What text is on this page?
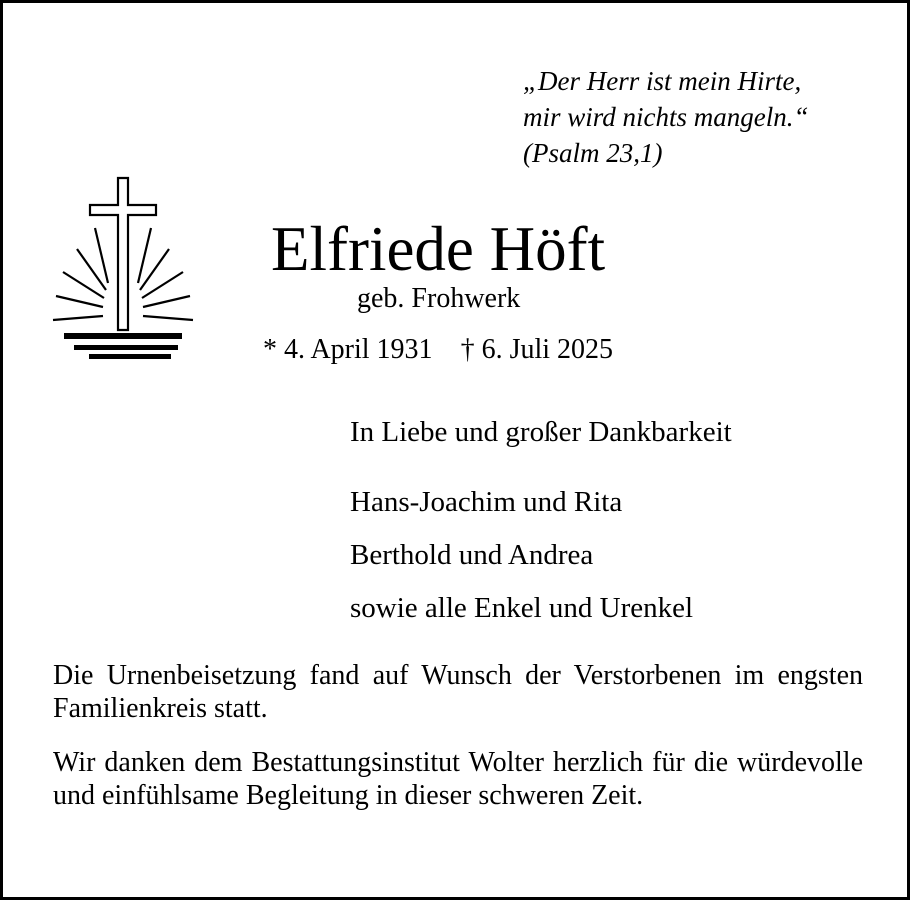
„Der Herr ist mein Hirte,
mir wird nichts mangeln.“
(Psalm 23,1)
Elfriede Höft
geb. Frohwerk
* 4. April 1931 † 6. Juli 2025
In Liebe und großer Dankbarkeit
Hans-Joachim und Rita
Berthold und Andrea
sowie alle Enkel und Urenkel
Die Urnenbeisetzung fand auf Wunsch der Verstorbenen im engsten Familienkreis statt.
Wir danken dem Bestattungsinstitut Wolter herzlich für die würdevolle und einfühlsame Begleitung in dieser schweren Zeit.
